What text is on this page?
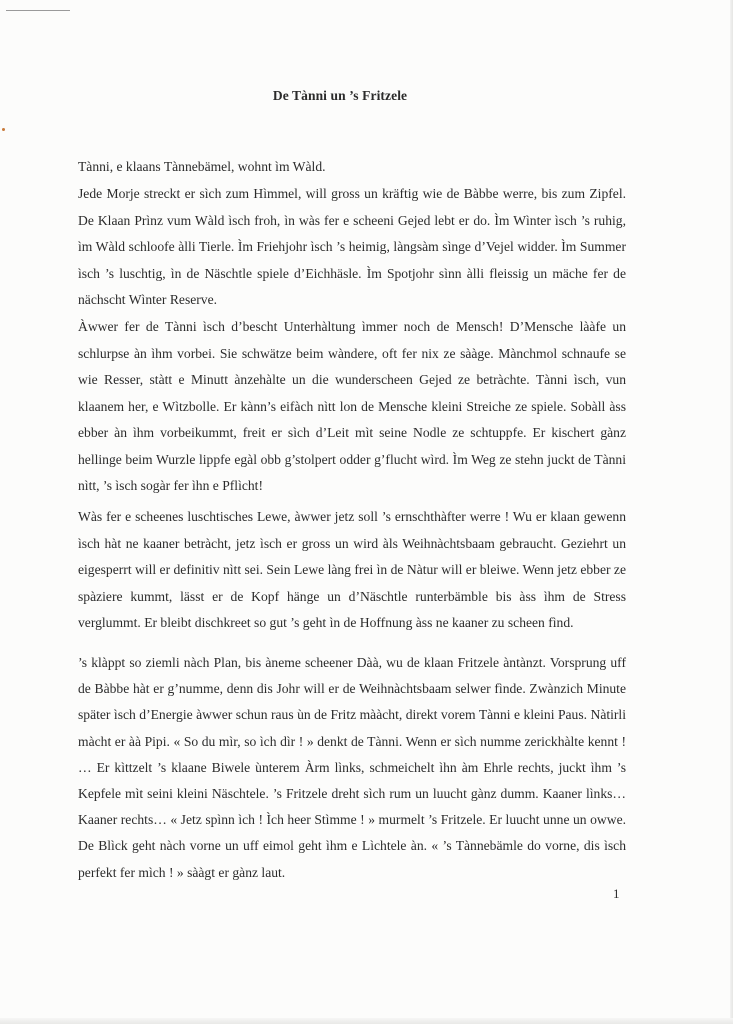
De Tànni un ’s Fritzele

Tànni, e klaans Tànnebämel, wohnt ìm Wàld.

Jede Morje streckt er sìch zum Hìmmel, will gross un kräftig wie de Bàbbe werre, bis zum Zipfel. De Klaan Prìnz vum Wàld ìsch froh, ìn wàs fer e scheeni Gejed lebt er do. Ìm Wìnter ìsch ’s ruhig, ìm Wàld schloofe àlli Tierle. Ìm Friehjohr ìsch ’s heimig, làngsàm sìnge d’Vejel widder. Ìm Summer ìsch ’s luschtig, ìn de Näschtle spiele d’Eichhäsle. Ìm Spotjohr sìnn àlli fleissig un mäche fer de nächscht Wìnter Reserve.

Àwwer fer de Tànni ìsch d’bescht Unterhàltung ìmmer noch de Mensch! D’Mensche lààfe un schlurpse àn ìhm vorbei. Sie schwätze beim wàndere, oft fer nix ze sààge. Mànchmol schnaufe se wie Resser, stàtt e Minutt ànzehàlte un die wunderscheen Gejed ze betràchte. Tànni ìsch, vun klaanem her, e Wìtzbolle. Er kànn’s eifàch nìtt lon de Mensche kleini Streiche ze spiele. Sobàll àss ebber àn ìhm vorbeikummt, freit er sìch d’Leit mìt seine Nodle ze schtuppfe. Er kischert gànz hellinge beim Wurzle lippfe egàl obb g’stolpert odder g’flucht wìrd. Ìm Weg ze stehn juckt de Tànni nìtt, ’s ìsch sogàr fer ìhn e Pflìcht!

Wàs fer e scheenes luschtisches Lewe, àwwer jetz soll ’s ernschthàfter werre ! Wu er klaan gewenn ìsch hàt ne kaaner betràcht, jetz ìsch er gross un wird àls Weihnàchtsbaam gebraucht. Geziehrt un eigesperrt will er definitiv nìtt sei. Sein Lewe làng frei ìn de Nàtur will er bleiwe. Wenn jetz ebber ze spàziere kummt, lässt er de Kopf hänge un d’Näschtle runterbämble bis àss ìhm de Stress verglummt. Er bleibt dischkreet so gut ’s geht ìn de Hoffnung àss ne kaaner zu scheen fìnd.

’s klàppt so ziemli nàch Plan, bis àneme scheener Dàà, wu de klaan Fritzele àntànzt. Vorsprung uff de Bàbbe hàt er g’numme, denn dis Johr will er de Weihnàchtsbaam selwer fìnde. Zwànzich Minute später ìsch d’Energie àwwer schun raus ùn de Fritz mààcht, direkt vorem Tànni e kleini Paus. Nàtirli màcht er àà Pipi. « So du mìr, so ìch dìr ! » denkt de Tànni. Wenn er sìch numme zerickhàlte kennt ! … Er kìttzelt ’s klaane Biwele ùnterem Àrm lìnks, schmeichelt ìhn àm Ehrle rechts, juckt ìhm ’s Kepfele mìt seini kleini Näschtele. ’s Fritzele dreht sìch rum un luucht gànz dumm. Kaaner lìnks… Kaaner rechts… « Jetz spìnn ìch ! Ìch heer Stìmme ! » murmelt ’s Fritzele. Er luucht unne un owwe. De Blìck geht nàch vorne un uff eimol geht ìhm e Lìchtele àn. « ’s Tànnebämle do vorne, dis ìsch perfekt fer mìch ! » sààgt er gànz laut.

1
